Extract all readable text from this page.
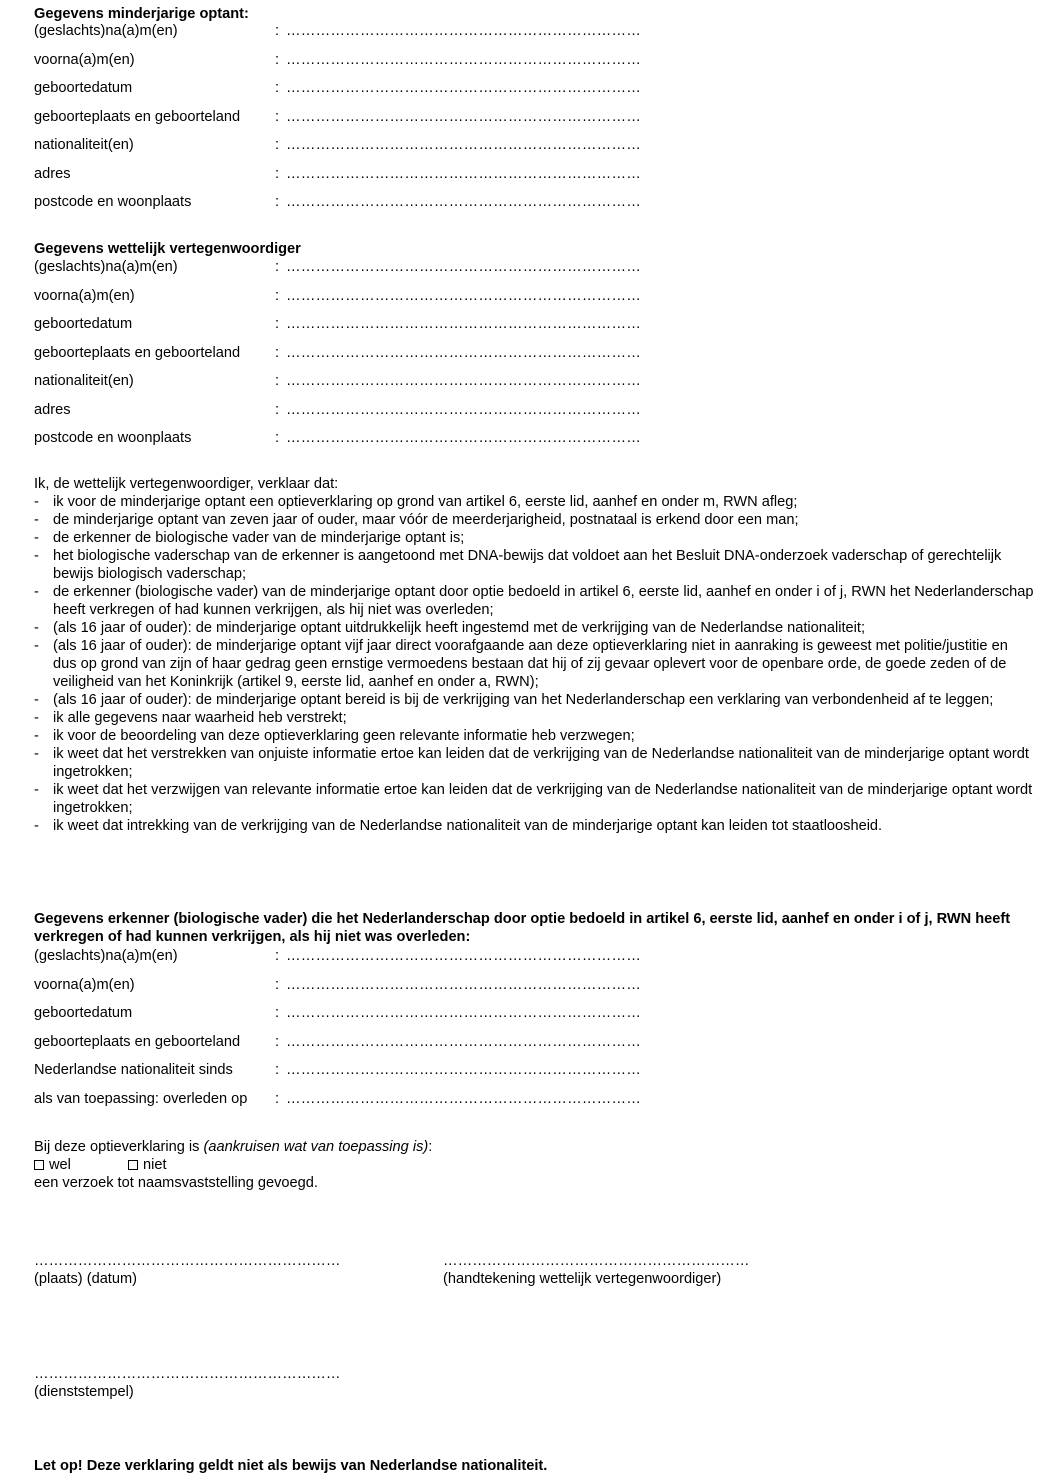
Gegevens minderjarige optant:
(geslachts)na(a)m(en)	: ………………………………………………………………
voorna(a)m(en)	: ………………………………………………………………
geboortedatum	: ………………………………………………………………
geboorteplaats en geboorteland : ………………………………………………………………
nationaliteit(en)	: ………………………………………………………………
adres	: ………………………………………………………………
postcode en woonplaats	: ………………………………………………………………
Gegevens wettelijk vertegenwoordiger
(geslachts)na(a)m(en)	: ………………………………………………………………
voorna(a)m(en)	: ………………………………………………………………
geboortedatum	: ………………………………………………………………
geboorteplaats en geboorteland : ………………………………………………………………
nationaliteit(en)	: ………………………………………………………………
adres	: ………………………………………………………………
postcode en woonplaats	: ………………………………………………………………
Ik, de wettelijk vertegenwoordiger, verklaar dat:
- ik voor de minderjarige optant een optieverklaring op grond van artikel 6, eerste lid, aanhef en onder m, RWN afleg;
- de minderjarige optant van zeven jaar of ouder, maar vóór de meerderjarigheid, postnataal is erkend door een man;
- de erkenner de biologische vader van de minderjarige optant is;
- het biologische vaderschap van de erkenner is aangetoond met DNA-bewijs dat voldoet aan het Besluit DNA-onderzoek vaderschap of gerechtelijk bewijs biologisch vaderschap;
- de erkenner (biologische vader) van de minderjarige optant door optie bedoeld in artikel 6, eerste lid, aanhef en onder i of j, RWN het Nederlanderschap heeft verkregen of had kunnen verkrijgen, als hij niet was overleden;
- (als 16 jaar of ouder): de minderjarige optant uitdrukkelijk heeft ingestemd met de verkrijging van de Nederlandse nationaliteit;
- (als 16 jaar of ouder): de minderjarige optant vijf jaar direct voorafgaande aan deze optieverklaring niet in aanraking is geweest met politie/justitie en dus op grond van zijn of haar gedrag geen ernstige vermoedens bestaan dat hij of zij gevaar oplevert voor de openbare orde, de goede zeden of de veiligheid van het Koninkrijk (artikel 9, eerste lid, aanhef en onder a, RWN);
- (als 16 jaar of ouder): de minderjarige optant bereid is bij de verkrijging van het Nederlanderschap een verklaring van verbondenheid af te leggen;
- ik alle gegevens naar waarheid heb verstrekt;
- ik voor de beoordeling van deze optieverklaring geen relevante informatie heb verzwegen;
- ik weet dat het verstrekken van onjuiste informatie ertoe kan leiden dat de verkrijging van de Nederlandse nationaliteit van de minderjarige optant wordt ingetrokken;
- ik weet dat het verzwijgen van relevante informatie ertoe kan leiden dat de verkrijging van de Nederlandse nationaliteit van de minderjarige optant wordt ingetrokken;
- ik weet dat intrekking van de verkrijging van de Nederlandse nationaliteit van de minderjarige optant kan leiden tot staatloosheid.
Gegevens erkenner (biologische vader) die het Nederlanderschap door optie bedoeld in artikel 6, eerste lid, aanhef en onder i of j, RWN heeft verkregen of had kunnen verkrijgen, als hij niet was overleden:
(geslachts)na(a)m(en)	: ………………………………………………………………
voorna(a)m(en)	: ………………………………………………………………
geboortedatum	: ………………………………………………………………
geboorteplaats en geboorteland : ………………………………………………………………
Nederlandse nationaliteit sinds	: ………………………………………………………………
als van toepassing: overleden op : ………………………………………………………………
Bij deze optieverklaring is (aankruisen wat van toepassing is):
wel	niet
een verzoek tot naamsvaststelling gevoegd.
………………………………………………………
(plaats) (datum)
………………………………………………………
(handtekening wettelijk vertegenwoordiger)
………………………………………………………
(dienststempel)
Let op! Deze verklaring geldt niet als bewijs van Nederlandse nationaliteit.
